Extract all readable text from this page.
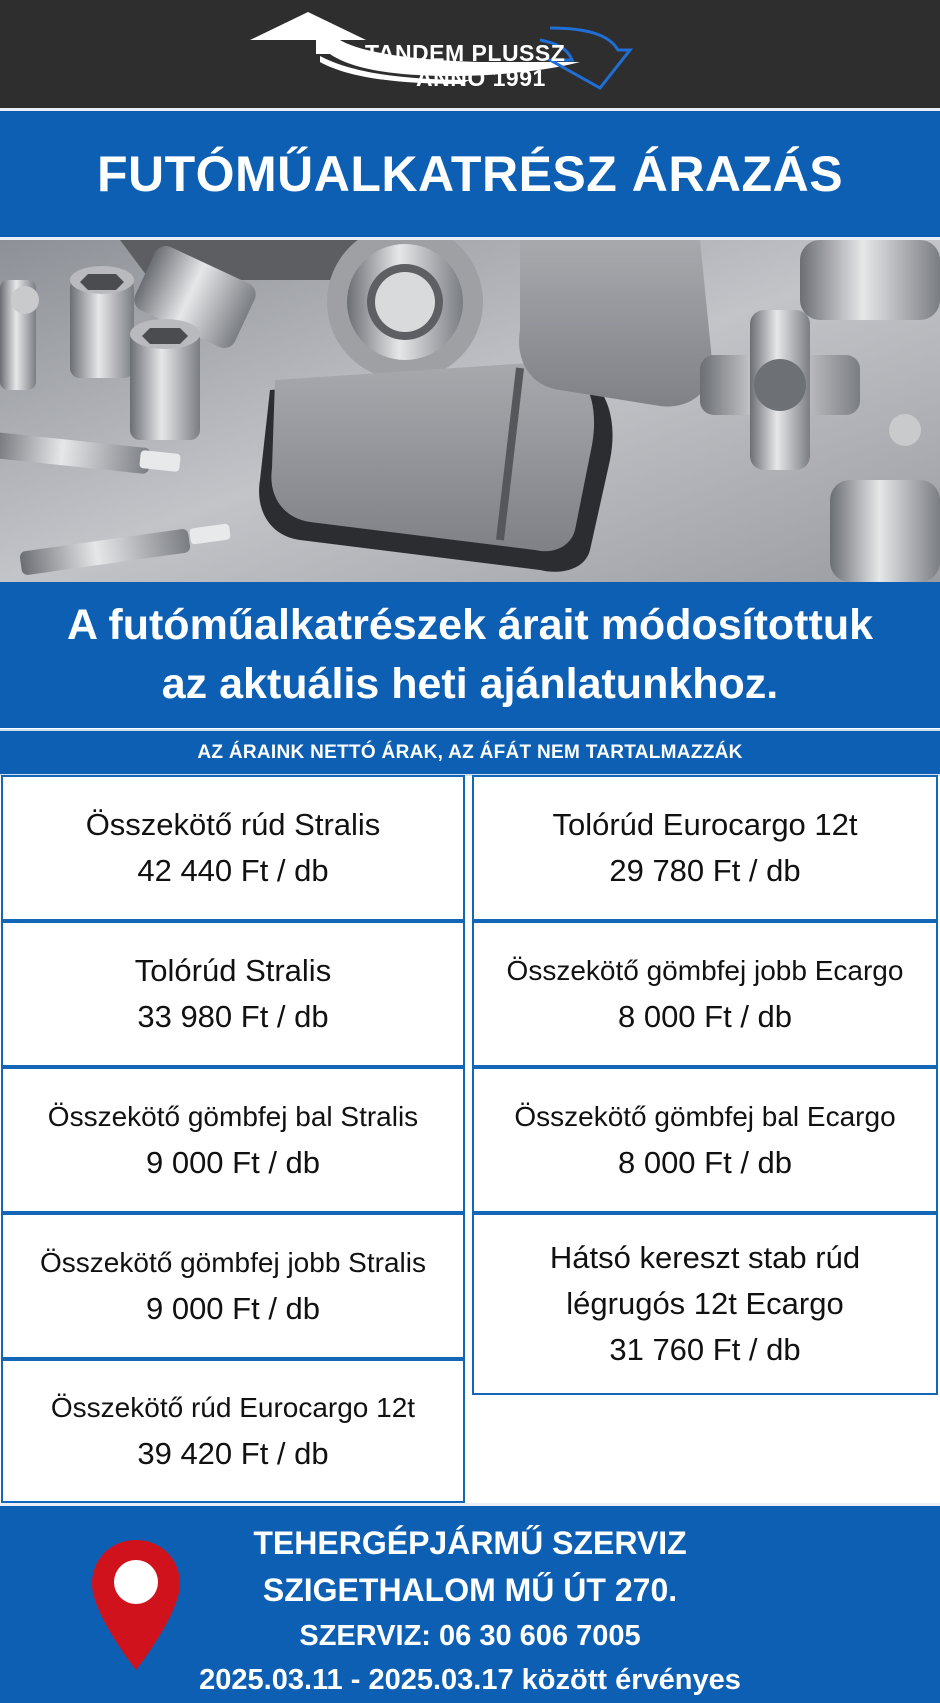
TANDEM PLUSSZ
ANNO 1991
FUTÓMŰALKATRÉSZ ÁRAZÁS
A futóműalkatrészek árait módosítottuk
az aktuális heti ajánlatunkhoz.
AZ ÁRAINK NETTÓ ÁRAK, AZ ÁFÁT NEM TARTALMAZZÁK
Összekötő rúd Stralis
42 440 Ft / db
Tolórúd Stralis
33 980 Ft / db
Összekötő gömbfej bal Stralis
9 000 Ft / db
Összekötő gömbfej jobb Stralis
9 000 Ft / db
Összekötő rúd Eurocargo 12t
39 420 Ft / db
Tolórúd Eurocargo 12t
29 780 Ft / db
Összekötő gömbfej jobb Ecargo
8 000 Ft / db
Összekötő gömbfej bal Ecargo
8 000 Ft / db
Hátsó kereszt stab rúd
légrugós 12t Ecargo
31 760 Ft / db
TEHERGÉPJÁRMŰ SZERVIZ
SZIGETHALOM MŰ ÚT 270.
SZERVIZ: 06 30 606 7005
2025.03.11 - 2025.03.17 között érvényes
